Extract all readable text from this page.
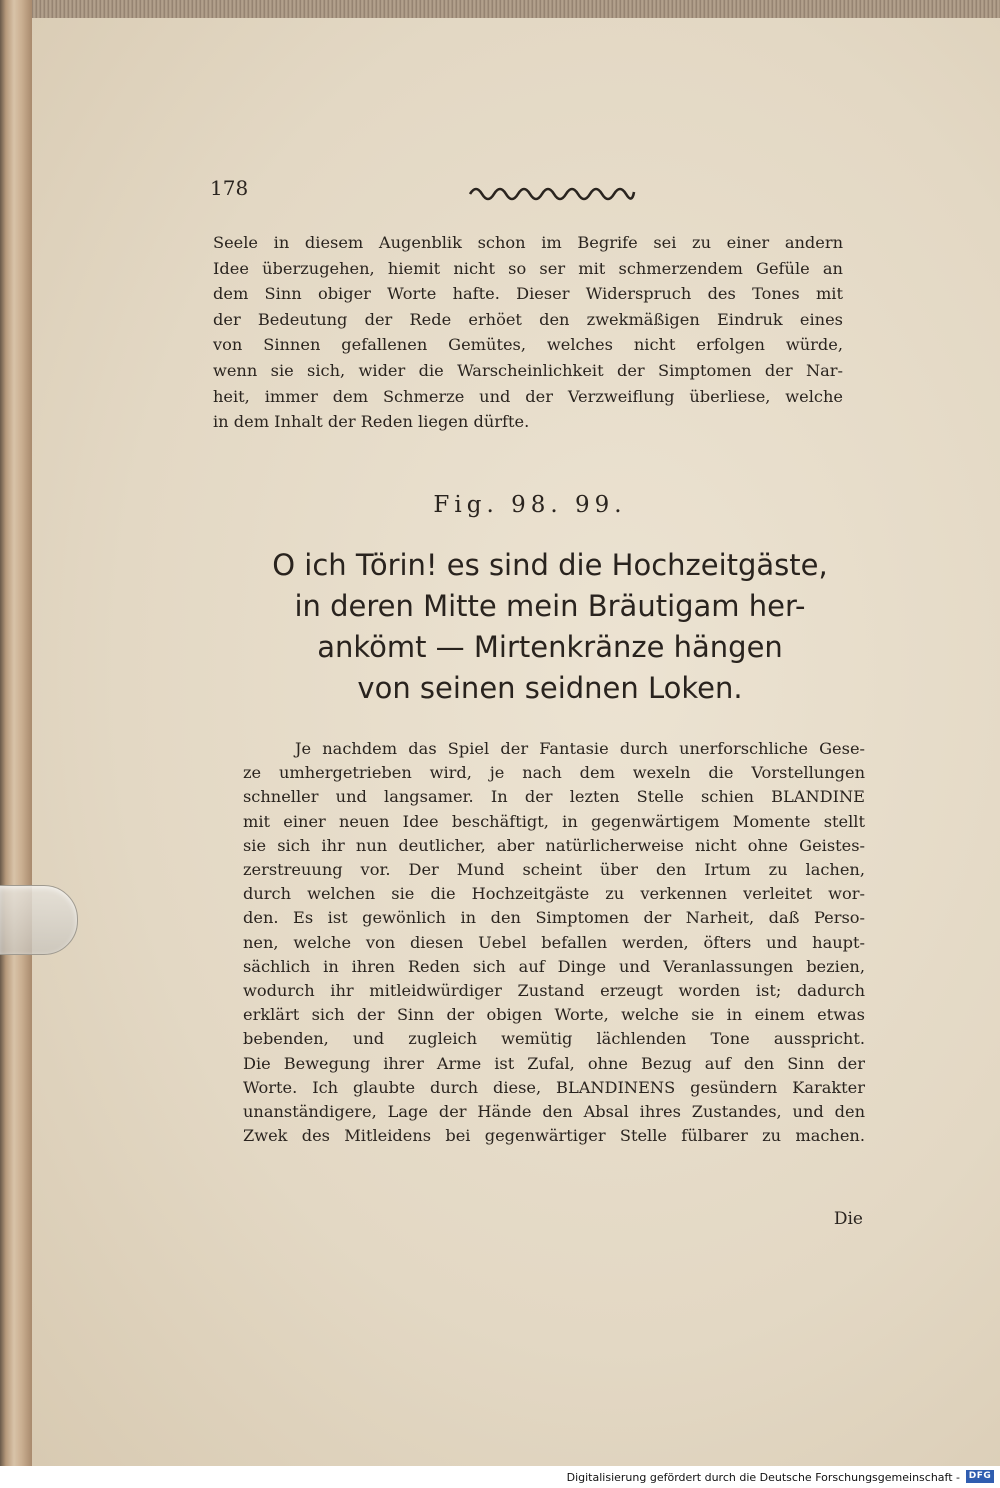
178
Seele in diesem Augenblik schon im Begrife sei zu einer andern
Idee überzugehen, hiemit nicht so ser mit schmerzendem Gefüle an
dem Sinn obiger Worte hafte. Dieser Widerspruch des Tones mit
der Bedeutung der Rede erhöet den zwekmäßigen Eindruk eines
von Sinnen gefallenen Gemütes, welches nicht erfolgen würde,
wenn sie sich, wider die Warscheinlichkeit der Simptomen der Nar-
heit, immer dem Schmerze und der Verzweiflung überliese, welche
in dem Inhalt der Reden liegen dürfte.
Fig. 98. 99.
O ich Törin! es sind die Hochzeitgäste,
in deren Mitte mein Bräutigam her-
ankömt — Mirtenkränze hängen
von seinen seidnen Loken.
Je nachdem das Spiel der Fantasie durch unerforschliche Gese-
ze umhergetrieben wird, je nach dem wexeln die Vorstellungen
schneller und langsamer. In der lezten Stelle schien BLANDINE
mit einer neuen Idee beschäftigt, in gegenwärtigem Momente stellt
sie sich ihr nun deutlicher, aber natürlicherweise nicht ohne Geistes-
zerstreuung vor. Der Mund scheint über den Irtum zu lachen,
durch welchen sie die Hochzeitgäste zu verkennen verleitet wor-
den. Es ist gewönlich in den Simptomen der Narheit, daß Perso-
nen, welche von diesen Uebel befallen werden, öfters und haupt-
sächlich in ihren Reden sich auf Dinge und Veranlassungen bezien,
wodurch ihr mitleidwürdiger Zustand erzeugt worden ist; dadurch
erklärt sich der Sinn der obigen Worte, welche sie in einem etwas
bebenden, und zugleich wemütig lächlenden Tone ausspricht.
Die Bewegung ihrer Arme ist Zufal, ohne Bezug auf den Sinn der
Worte. Ich glaubte durch diese, BLANDINENS gesündern Karakter
unanständigere, Lage der Hände den Absal ihres Zustandes, und den
Zwek des Mitleidens bei gegenwärtiger Stelle fülbarer zu machen.
Die
Digitalisierung gefördert durch die Deutsche Forschungsgemeinschaft - DFG
